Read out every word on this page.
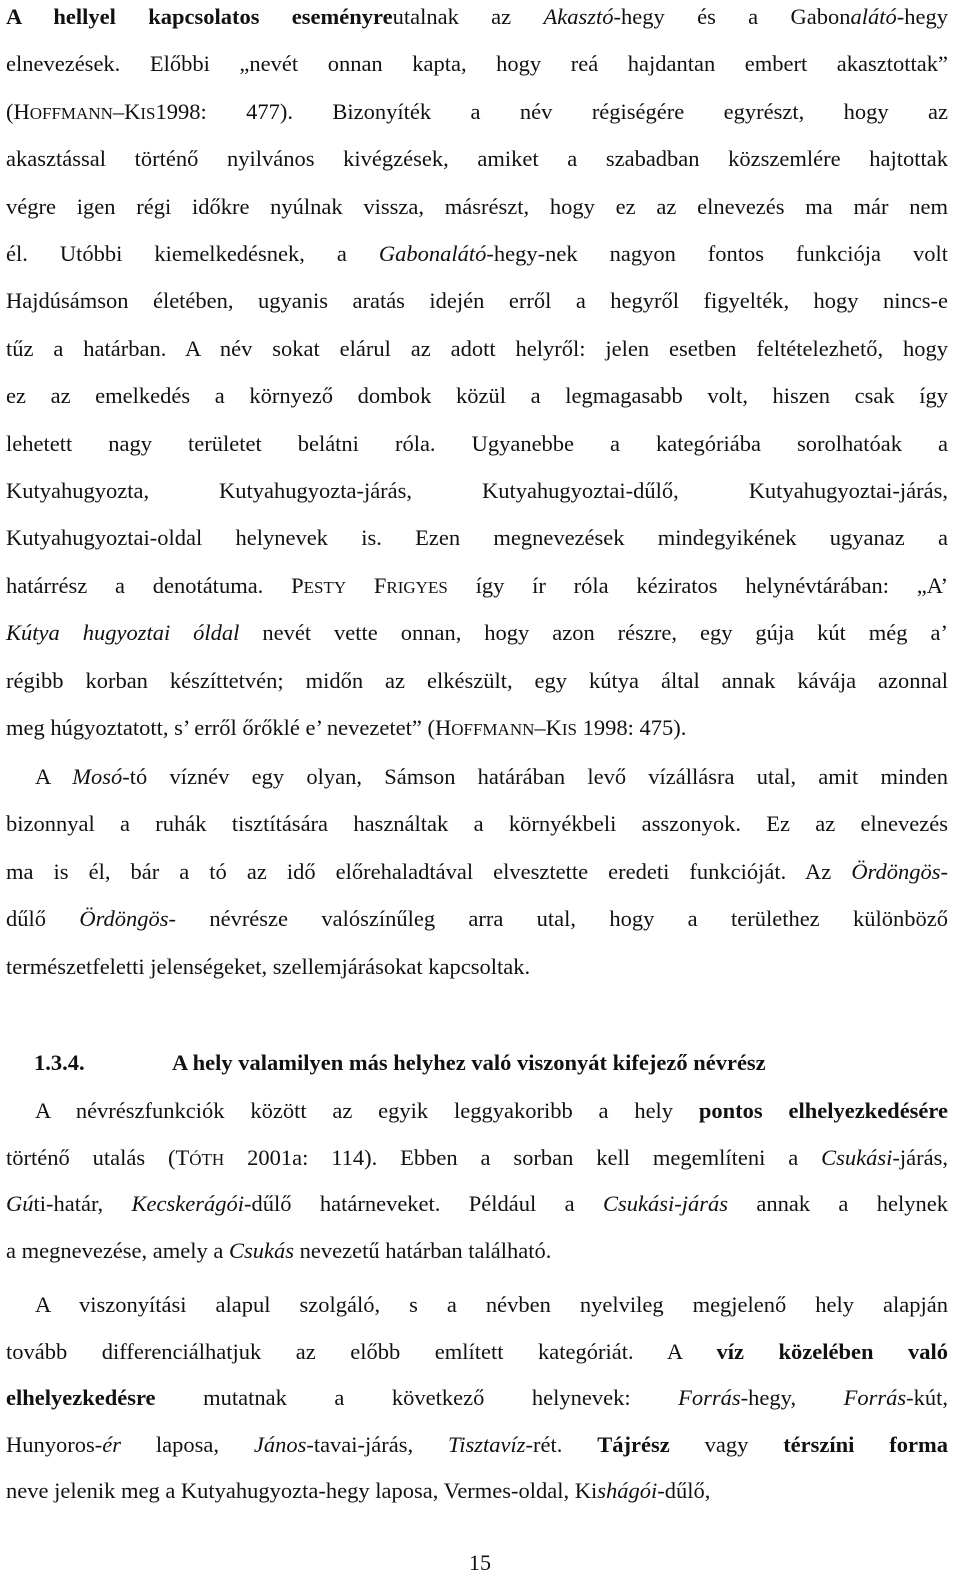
A hellyel kapcsolatos eseményreutalnak az Akasztó-hegy és a Gabonalátó-hegy
elnevezések. Előbbi „nevét onnan kapta, hogy reá hajdantan embert akasztottak”
(HOFFMANN–KIS1998: 477). Bizonyíték a név régiségére egyrészt, hogy az
akasztással történő nyilvános kivégzések, amiket a szabadban közszemlére hajtottak
végre igen régi időkre nyúlnak vissza, másrészt, hogy ez az elnevezés ma már nem
él. Utóbbi kiemelkedésnek, a Gabonalátó-hegy-nek nagyon fontos funkciója volt
Hajdúsámson életében, ugyanis aratás idején erről a hegyről figyelték, hogy nincs-e
tűz a határban. A név sokat elárul az adott helyről: jelen esetben feltételezhető, hogy
ez az emelkedés a környező dombok közül a legmagasabb volt, hiszen csak így
lehetett nagy területet belátni róla. Ugyanebbe a kategóriába sorolhatóak a
Kutyahugyozta, Kutyahugyozta-járás, Kutyahugyoztai-dűlő, Kutyahugyoztai-járás,
Kutyahugyoztai-oldal helynevek is. Ezen megnevezések mindegyikének ugyanaz a
határrész a denotátuma. PESTY FRIGYES így ír róla kéziratos helynévtárában: „A’
Kútya hugyoztai óldal nevét vette onnan, hogy azon részre, egy gúja kút még a’
régibb korban készíttetvén; midőn az elkészült, egy kútya által annak kávája azonnal
meg húgyoztatott, s’ erről őrőklé e’ nevezetet” (HOFFMANN–KIS 1998: 475).
A Mosó-tó víznév egy olyan, Sámson határában levő vízállásra utal, amit minden
bizonnyal a ruhák tisztítására használtak a környékbeli asszonyok. Ez az elnevezés
ma is él, bár a tó az idő előrehaladtával elvesztette eredeti funkcióját. Az Ördöngös-
dűlő Ördöngös- névrésze valószínűleg arra utal, hogy a területhez különböző
természetfeletti jelenségeket, szellemjárásokat kapcsoltak.
1.3.4.	A hely valamilyen más helyhez való viszonyát kifejező névrész
A névrészfunkciók között az egyik leggyakoribb a hely pontos elhelyezkedésére
történő utalás (TÓTH 2001a: 114). Ebben a sorban kell megemlíteni a Csukási-járás,
Gúti-határ, Kecskerágói-dűlő határneveket. Például a Csukási-járás annak a helynek
a megnevezése, amely a Csukás nevezetű határban található.
A viszonyítási alapul szolgáló, s a névben nyelvileg megjelenő hely alapján
tovább differenciálhatjuk az előbb említett kategóriát. A víz közelében való
elhelyezkedésre mutatnak a következő helynevek: Forrás-hegy, Forrás-kút,
Hunyoros-ér laposa, János-tavai-járás, Tisztavíz-rét. Tájrész vagy térszíni forma
neve jelenik meg a Kutyahugyozta-hegy laposa, Vermes-oldal, Kishágói-dűlő,
15
